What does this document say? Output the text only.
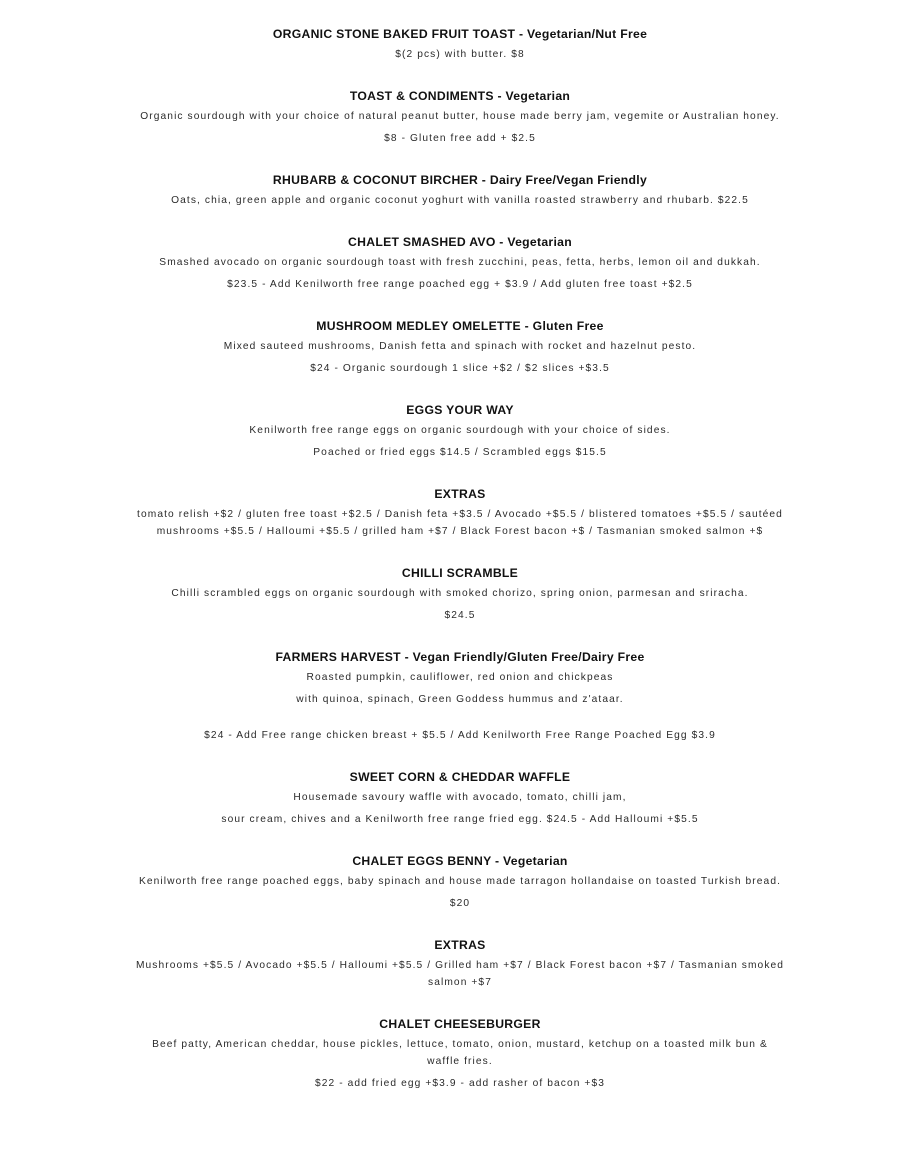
ORGANIC STONE BAKED FRUIT TOAST - Vegetarian/Nut Free
$(2 pcs) with butter. $8
TOAST & CONDIMENTS - Vegetarian
Organic sourdough with your choice of natural peanut butter, house made berry jam, vegemite or Australian honey.
$8 - Gluten free add + $2.5
RHUBARB & COCONUT BIRCHER - Dairy Free/Vegan Friendly
Oats, chia, green apple and organic coconut yoghurt with vanilla roasted strawberry and rhubarb. $22.5
CHALET SMASHED AVO - Vegetarian
Smashed avocado on organic sourdough toast with fresh zucchini, peas, fetta, herbs, lemon oil and dukkah.
$23.5 - Add Kenilworth free range poached egg + $3.9 / Add gluten free toast +$2.5
MUSHROOM MEDLEY OMELETTE - Gluten Free
Mixed sauteed mushrooms, Danish fetta and spinach with rocket and hazelnut pesto.
$24 - Organic sourdough 1 slice +$2 / $2 slices +$3.5
EGGS YOUR WAY
Kenilworth free range eggs on organic sourdough with your choice of sides.
Poached or fried eggs $14.5 / Scrambled eggs $15.5
EXTRAS
tomato relish +$2 / gluten free toast +$2.5 / Danish feta +$3.5 / Avocado +$5.5 / blistered tomatoes +$5.5 / sautéed
mushrooms +$5.5 / Halloumi +$5.5 / grilled ham +$7 / Black Forest bacon +$ / Tasmanian smoked salmon +$
CHILLI SCRAMBLE
Chilli scrambled eggs on organic sourdough with smoked chorizo, spring onion, parmesan and sriracha.
$24.5
FARMERS HARVEST - Vegan Friendly/Gluten Free/Dairy Free
Roasted pumpkin, cauliflower, red onion and chickpeas
with quinoa, spinach, Green Goddess hummus and z'ataar.
$24 - Add Free range chicken breast + $5.5 / Add Kenilworth Free Range Poached Egg $3.9
SWEET CORN & CHEDDAR WAFFLE
Housemade savoury waffle with avocado, tomato, chilli jam,
sour cream, chives and a Kenilworth free range fried egg. $24.5 - Add Halloumi +$5.5
CHALET EGGS BENNY - Vegetarian
Kenilworth free range poached eggs, baby spinach and house made tarragon hollandaise on toasted Turkish bread.
$20
EXTRAS
Mushrooms +$5.5 / Avocado +$5.5 / Halloumi +$5.5 / Grilled ham +$7 / Black Forest bacon +$7 / Tasmanian smoked
salmon +$7
CHALET CHEESEBURGER
Beef patty, American cheddar, house pickles, lettuce, tomato, onion, mustard, ketchup on a toasted milk bun &
waffle fries.
$22 - add fried egg +$3.9 - add rasher of bacon +$3
